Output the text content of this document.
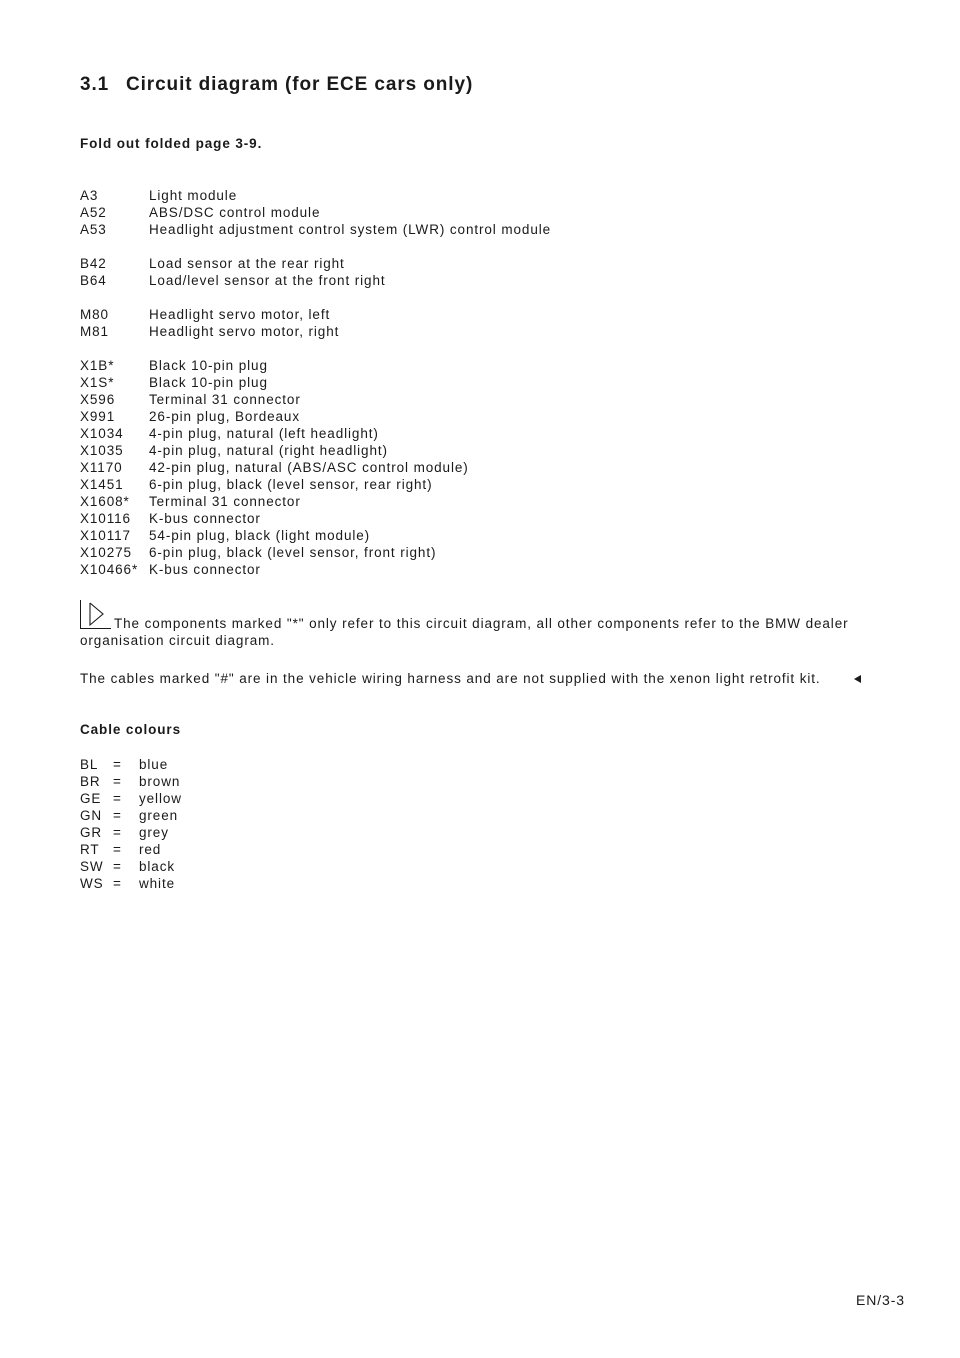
3.1 Circuit diagram (for ECE cars only)
Fold out folded page 3-9.
A3	Light module
A52	ABS/DSC control module
A53	Headlight adjustment control system (LWR) control module
B42	Load sensor at the rear right
B64	Load/level sensor at the front right
M80	Headlight servo motor, left
M81	Headlight servo motor, right
X1B*	Black 10-pin plug
X1S*	Black 10-pin plug
X596	Terminal 31 connector
X991	26-pin plug, Bordeaux
X1034 4-pin plug, natural (left headlight)
X1035 4-pin plug, natural (right headlight)
X1170 42-pin plug, natural (ABS/ASC control module)
X1451 6-pin plug, black (level sensor, rear right)
X1608* Terminal 31 connector
X10116 K-bus connector
X10117 54-pin plug, black (light module)
X10275 6-pin plug, black (level sensor, front right)
X10466* K-bus connector
The components marked "*" only refer to this circuit diagram, all other components refer to the BMW dealer
organisation circuit diagram.
The cables marked "#" are in the vehicle wiring harness and are not supplied with the xenon light retrofit kit.
Cable colours
BL = blue
BR = brown
GE = yellow
GN = green
GR = grey
RT = red
SW = black
WS = white
EN/3-3
